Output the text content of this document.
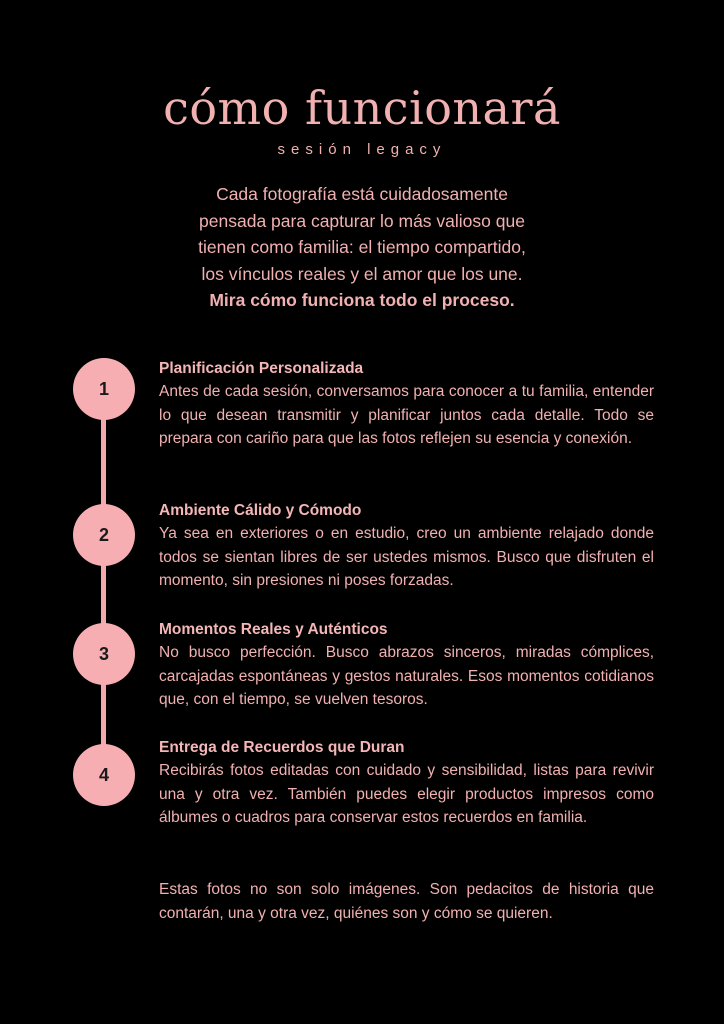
cómo funcionará
sesión legacy
Cada fotografía está cuidadosamente
pensada para capturar lo más valioso que
tienen como familia: el tiempo compartido,
los vínculos reales y el amor que los une.
Mira cómo funciona todo el proceso.
1
2
3
4

Planificación Personalizada

Antes de cada sesión, conversamos para conocer a tu familia, entender lo que desean transmitir y planificar juntos cada detalle. Todo se prepara con cariño para que las fotos reflejen su esencia y conexión.

Ambiente Cálido y Cómodo

Ya sea en exteriores o en estudio, creo un ambiente relajado donde todos se sientan libres de ser ustedes mismos. Busco que disfruten el momento, sin presiones ni poses forzadas.

Momentos Reales y Auténticos

No busco perfección. Busco abrazos sinceros, miradas cómplices, carcajadas espontáneas y gestos naturales. Esos momentos cotidianos que, con el tiempo, se vuelven tesoros.

Entrega de Recuerdos que Duran

Recibirás fotos editadas con cuidado y sensibilidad, listas para revivir una y otra vez. También puedes elegir productos impresos como álbumes o cuadros para conservar estos recuerdos en familia.

Estas fotos no son solo imágenes. Son pedacitos de historia que contarán, una y otra vez, quiénes son y cómo se quieren.
